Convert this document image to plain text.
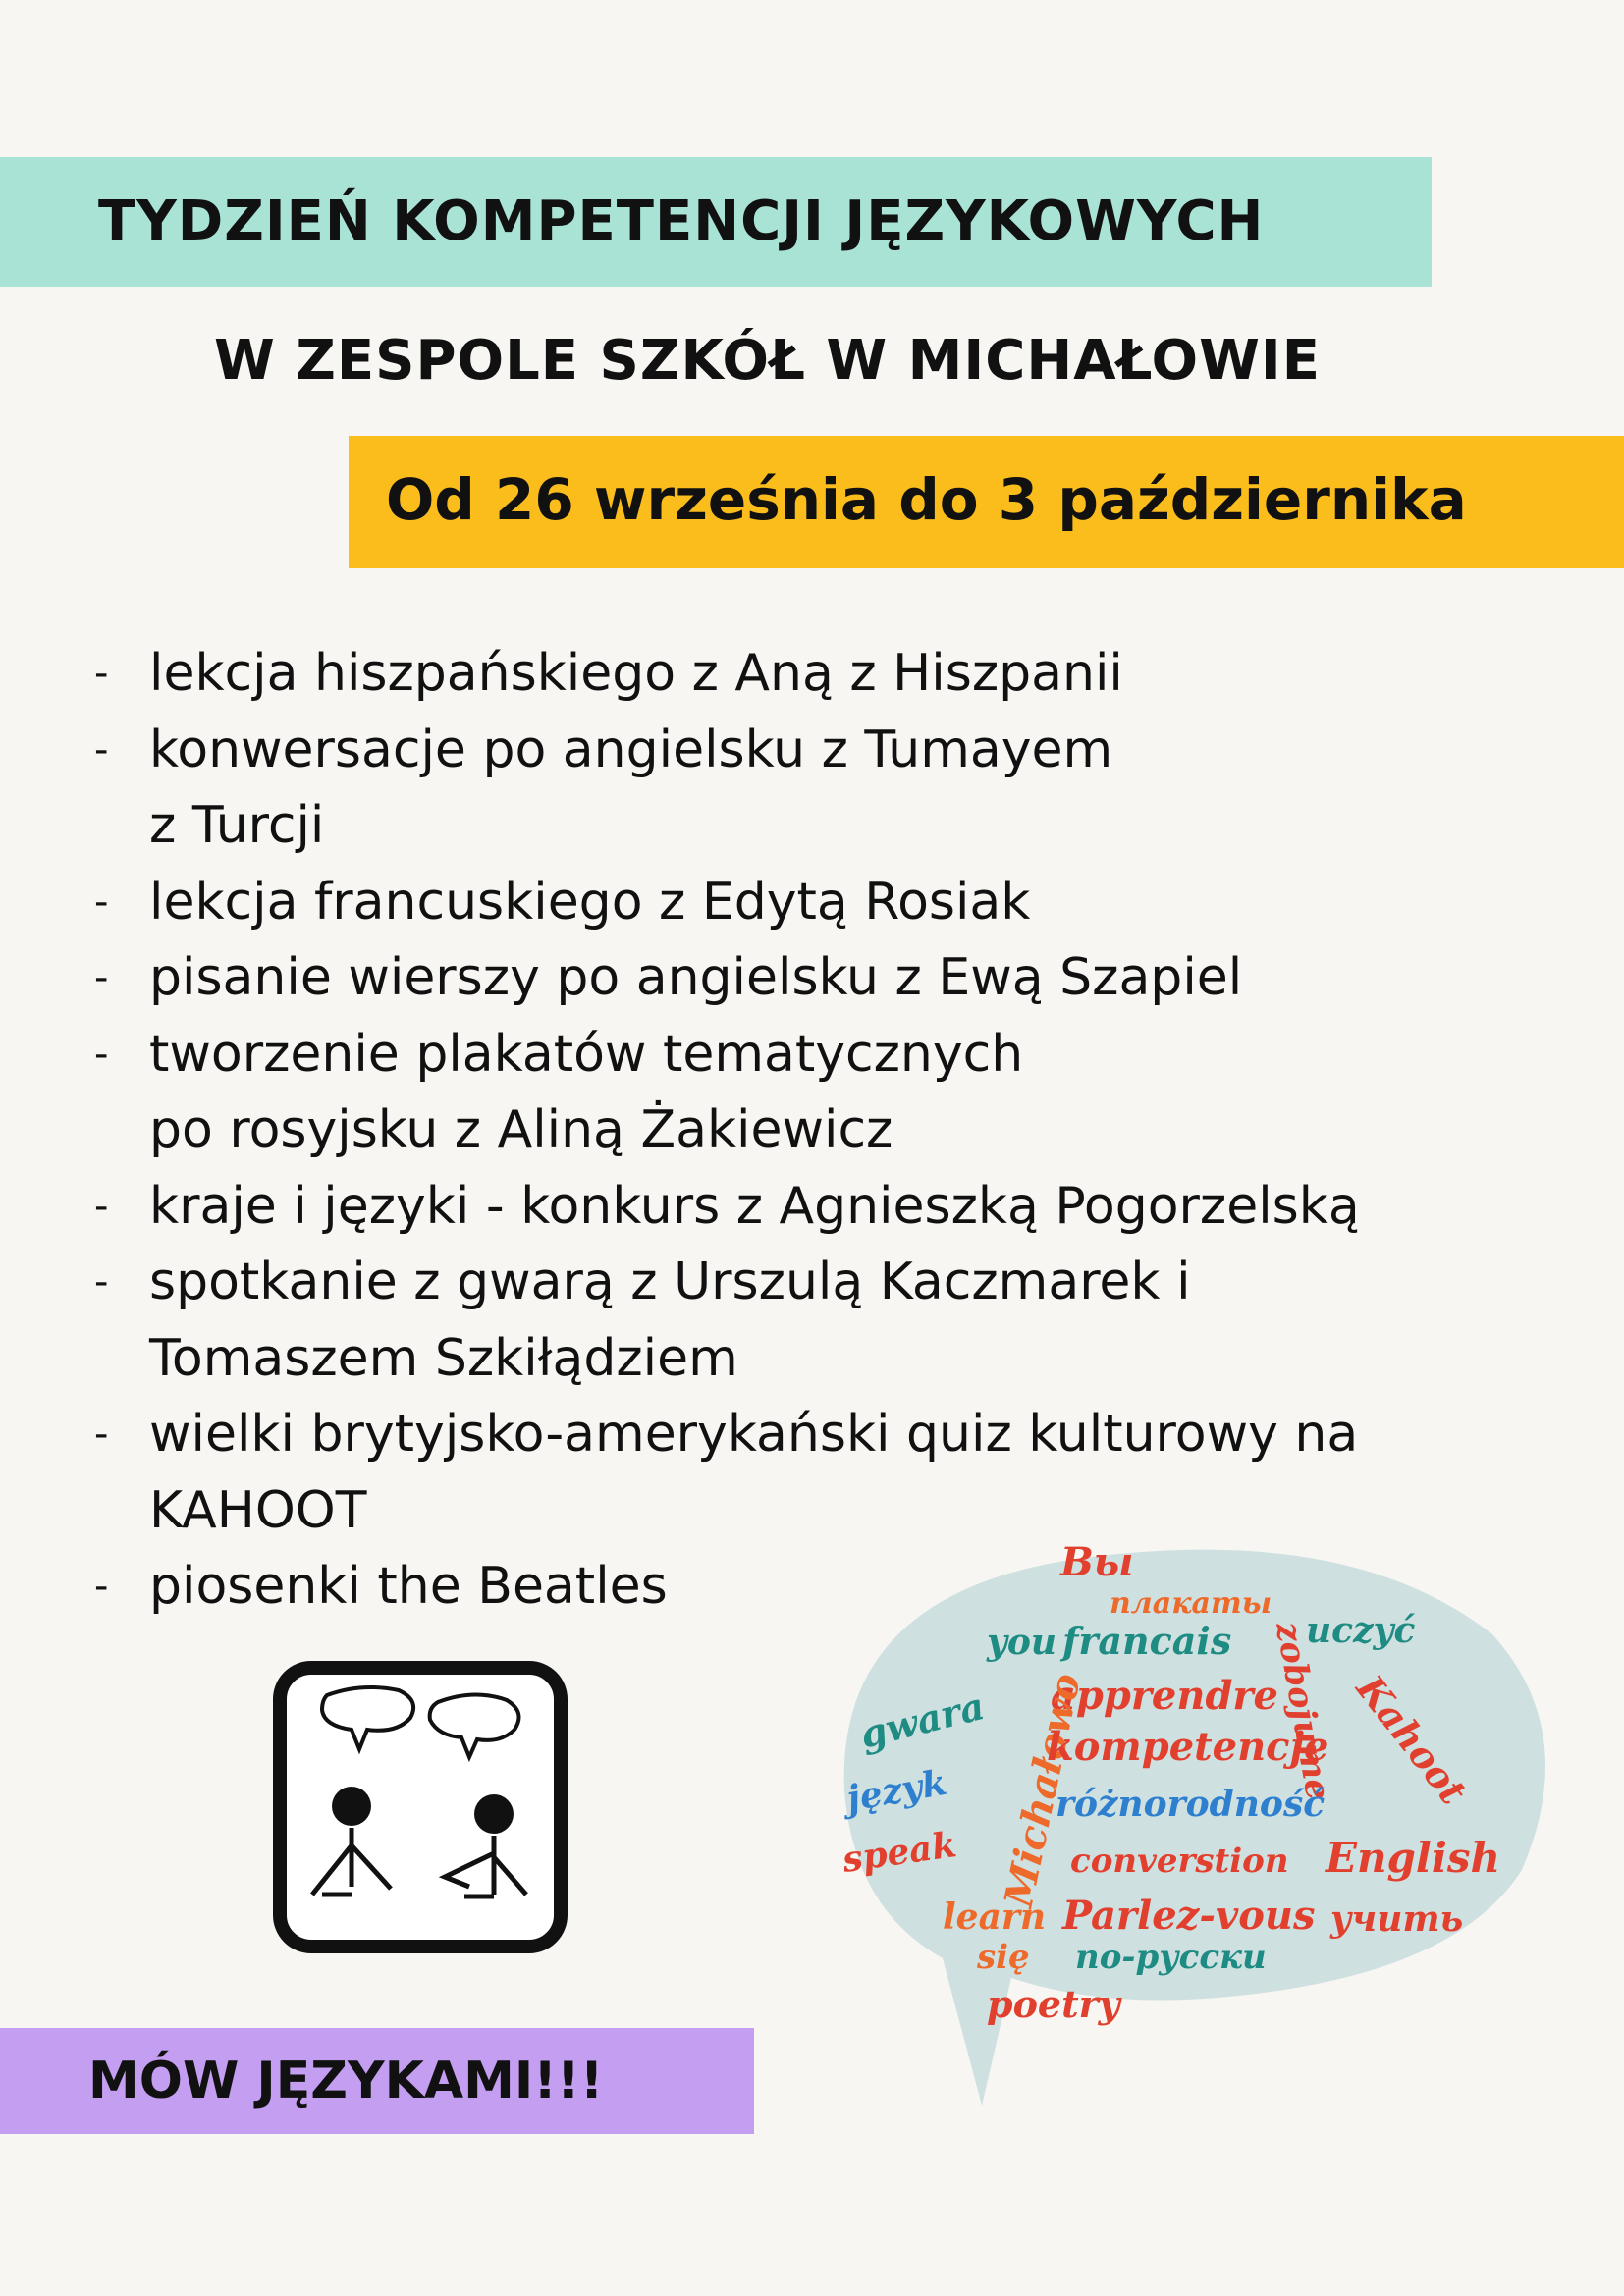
TYDZIEŃ KOMPETENCJI JĘZYKOWYCH
W ZESPOLE SZKÓŁ W MICHAŁOWIE
Od 26 września do 3 października
- lekcja hiszpańskiego z Aną z Hiszpanii
- konwersacje po angielsku z Tumayem
z Turcji
- lekcja francuskiego z Edytą Rosiak
- pisanie wierszy po angielsku z Ewą Szapiel
- tworzenie plakatów tematycznych
po rosyjsku z Aliną Żakiewicz
- kraje i języki - konkurs z Agnieszką Pogorzelską
- spotkanie z gwarą z Urszulą Kaczmarek i
Tomaszem Szkiłądziem
- wielki brytyjsko-amerykański quiz kulturowy na
KAHOOT
- piosenki the Beatles	Вы
плакаты
you francais uczyć
gwara apprendre Kahoot
zobojume
Michałowo
kompetencje
język	różnorodność
speak	converstion English
learn Parlez-vous учить
się по-русски
poetry
MÓW JĘZYKAMI!!!
